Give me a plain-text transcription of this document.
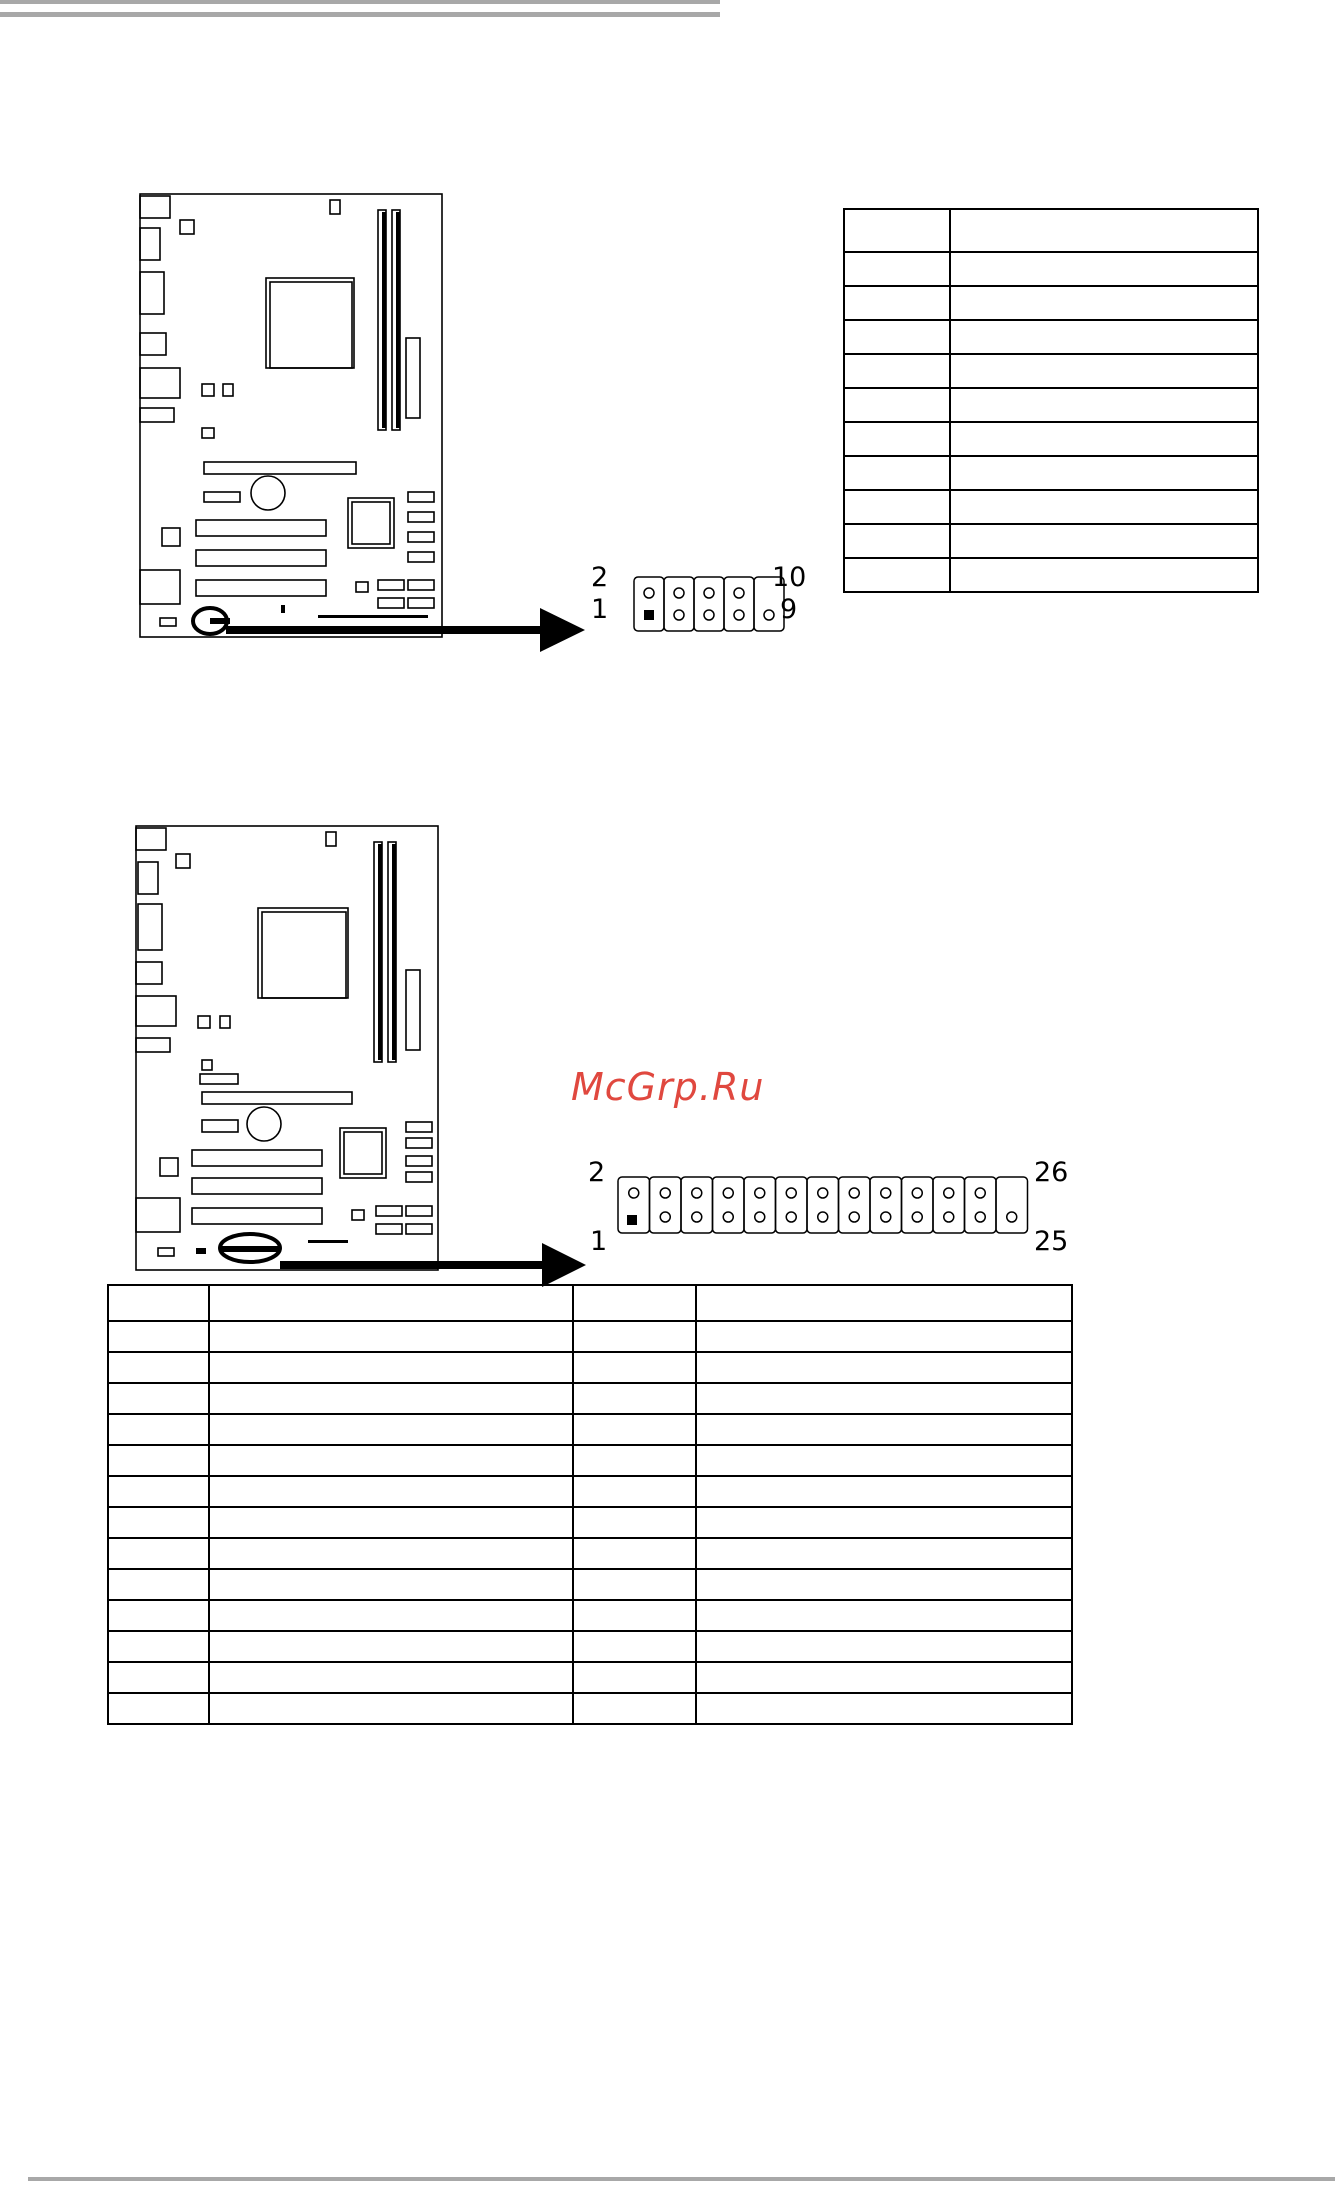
2
1
10
9

2
1
26
25
McGrp.Ru
